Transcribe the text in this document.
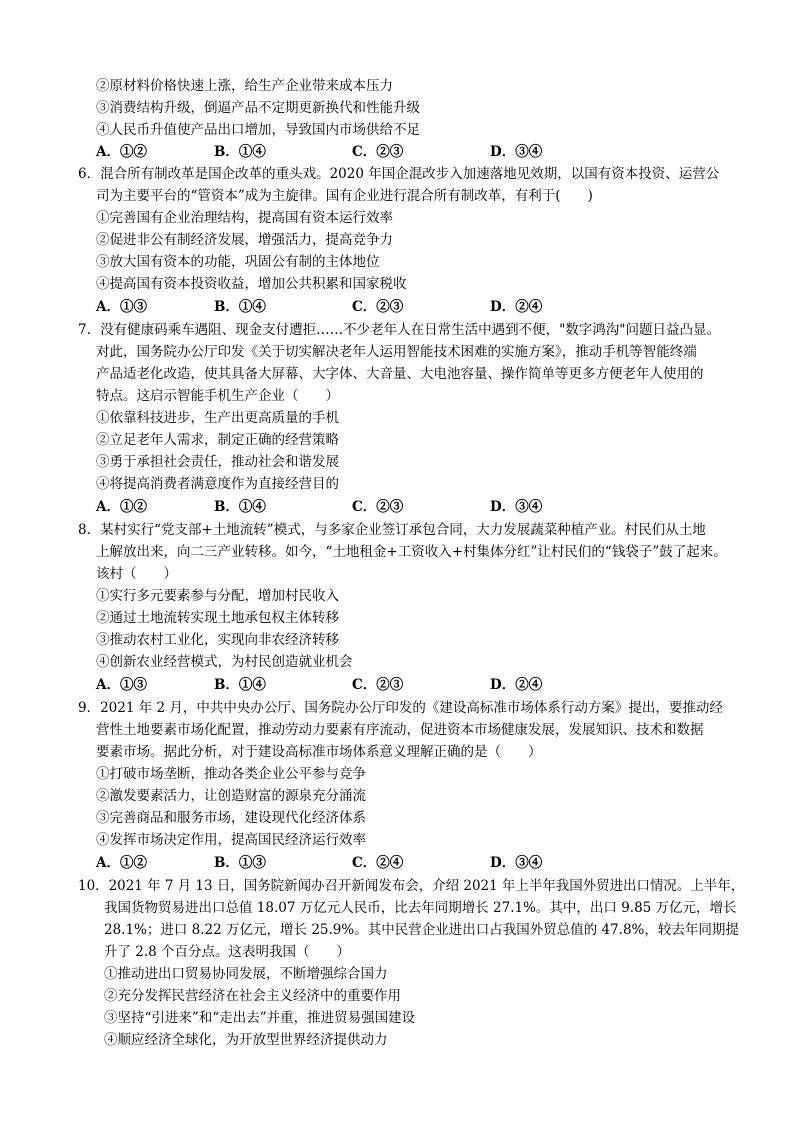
②原材料价格快速上涨，给生产企业带来成本压力
③消费结构升级，倒逼产品不定期更新换代和性能升级
④人民币升值使产品出口增加，导致国内市场供给不足
A．①②	B．①④	C．②③	D．③④
6．混合所有制改革是国企改革的重头戏。2020 年国企混改步入加速落地见效期，以国有资本投资、运营公
司为主要平台的“管资本”成为主旋律。国有企业进行混合所有制改革，有利于(　　)
①完善国有企业治理结构，提高国有资本运行效率
②促进非公有制经济发展，增强活力，提高竞争力
③放大国有资本的功能，巩固公有制的主体地位
④提高国有资本投资收益，增加公共积累和国家税收
A．①③	B．①④	C．②③	D．②④
7．没有健康码乘车遇阻、现金支付遭拒……不少老年人在日常生活中遇到不便，"数字鸿沟"问题日益凸显。
对此，国务院办公厅印发《关于切实解决老年人运用智能技术困难的实施方案》，推动手机等智能终端
产品适老化改造，使其具备大屏幕、大字体、大音量、大电池容量、操作简单等更多方便老年人使用的
特点。这启示智能手机生产企业（　　）
①依靠科技进步，生产出更高质量的手机
②立足老年人需求，制定正确的经营策略
③勇于承担社会责任，推动社会和谐发展
④将提高消费者满意度作为直接经营目的
A．①②	B．①④	C．②③	D．③④
8．某村实行“党支部+土地流转”模式，与多家企业签订承包合同，大力发展蔬菜种植产业。村民们从土地
上解放出来，向二三产业转移。如今，“土地租金+工资收入+村集体分红”让村民们的“钱袋子”鼓了起来。
该村（　　）
①实行多元要素参与分配，增加村民收入
②通过土地流转实现土地承包权主体转移
③推动农村工业化，实现向非农经济转移
④创新农业经营模式，为村民创造就业机会
A．①③	B．①④	C．②③	D．②④
9．2021 年 2 月，中共中央办公厅、国务院办公厅印发的《建设高标准市场体系行动方案》提出，要推动经
营性土地要素市场化配置，推动劳动力要素有序流动，促进资本市场健康发展，发展知识、技术和数据
要素市场。据此分析，对于建设高标准市场体系意义理解正确的是（　　）
①打破市场垄断，推动各类企业公平参与竞争
②激发要素活力，让创造财富的源泉充分涌流
③完善商品和服务市场，建设现代化经济体系
④发挥市场决定作用，提高国民经济运行效率
A．①②	B．①③	C．②④	D．③④
10．2021 年 7 月 13 日，国务院新闻办召开新闻发布会，介绍 2021 年上半年我国外贸进出口情况。上半年，
我国货物贸易进出口总值 18.07 万亿元人民币，比去年同期增长 27.1%。其中，出口 9.85 万亿元，增长
28.1%；进口 8.22 万亿元，增长 25.9%。其中民营企业进出口占我国外贸总值的 47.8%，较去年同期提
升了 2.8 个百分点。这表明我国（　　）
①推动进出口贸易协同发展，不断增强综合国力
②充分发挥民营经济在社会主义经济中的重要作用
③坚持“引进来”和“走出去”并重，推进贸易强国建设
④顺应经济全球化，为开放型世界经济提供动力
